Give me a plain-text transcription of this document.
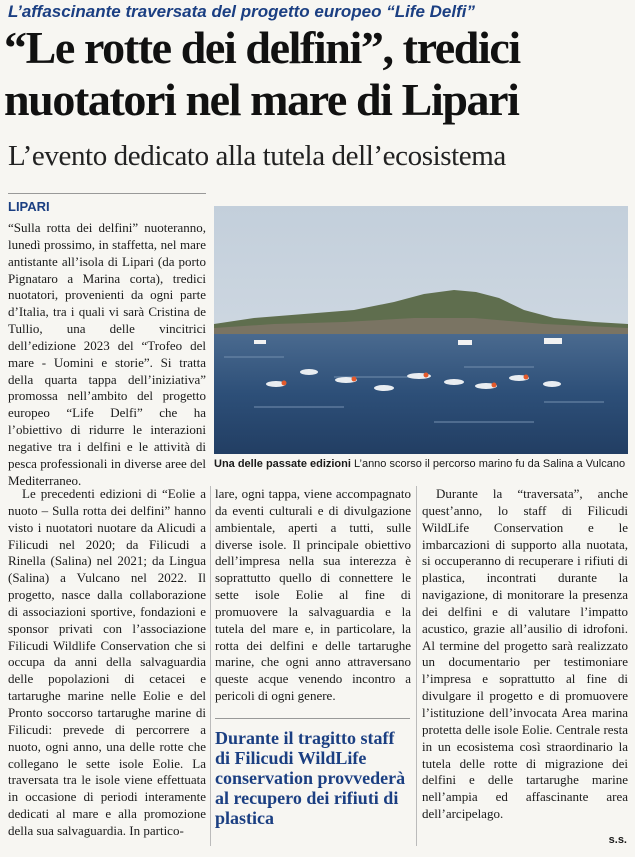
L’affascinante traversata del progetto europeo “Life Delfi”
“Le rotte dei delfini”, tredici nuotatori nel mare di Lipari
L’evento dedicato alla tutela dell’ecosistema
LIPARI

“Sulla rotta dei delfini” nuoteranno, lunedì prossimo, in staffetta, nel mare antistante all’isola di Lipari (da porto Pignataro a Marina corta), tredici nuotatori, provenienti da ogni parte d’Italia, tra i quali vi sarà Cristina de Tullio, una delle vincitrici dell’edizione 2023 del “Trofeo del mare - Uomini e storie”. Si tratta della quarta tappa dell’iniziativa” promossa nell’ambito del progetto europeo “Life Delfi” che ha l’obiettivo di ridurre le interazioni negative tra i delfini e le attività di pesca professionali in diverse aree del Mediterraneo.

Una delle passate edizioni L’anno scorso il percorso marino fu da Salina a Vulcano

Le precedenti edizioni di “Eolie a nuoto – Sulla rotta dei delfini” hanno visto i nuotatori nuotare da Alicudi a Filicudi nel 2020; da Filicudi a Rinella (Salina) nel 2021; da Lingua (Salina) a Vulcano nel 2022. Il progetto, nasce dalla collaborazione di associazioni sportive, fondazioni e sponsor privati con l’associazione Filicudi Wildlife Conservation che si occupa da anni della salvaguardia delle popolazioni di cetacei e tartarughe marine nelle Eolie e del Pronto soccorso tartarughe marine di Filicudi: prevede di percorrere a nuoto, ogni anno, una delle rotte che collegano le sette isole Eolie. La traversata tra le isole viene effettuata in occasione di periodi interamente dedicati al mare e alla promozione della sua salvaguardia. In partico-

lare, ogni tappa, viene accompagnato da eventi culturali e di divulgazione ambientale, aperti a tutti, sulle diverse isole. Il principale obiettivo dell’impresa nella sua interezza è soprattutto quello di connettere le sette isole Eolie al fine di promuovere la salvaguardia e la tutela del mare e, in particolare, la rotta dei delfini e delle tartarughe marine, che ogni anno attraversano queste acque venendo incontro a pericoli di ogni genere.

Durante il tragitto staff di Filicudi WildLife conservation provvederà al recupero dei rifiuti di plastica

Durante la “traversata”, anche quest’anno, lo staff di Filicudi WildLife Conservation e le imbarcazioni di supporto alla nuotata, si occuperanno di recuperare i rifiuti di plastica, incontrati durante la navigazione, di monitorare la presenza dei delfini e di valutare l’impatto acustico, grazie all’ausilio di idrofoni. Al termine del progetto sarà realizzato un documentario per testimoniare l’impresa e soprattutto al fine di divulgare il progetto e di promuovere l’istituzione dell’invocata Area marina protetta delle isole Eolie. Centrale resta in un ecosistema così straordinario la tutela delle rotte di migrazione dei delfini e delle tartarughe marine nell’ampia ed affascinante area dell’arcipelago.

s.s.
